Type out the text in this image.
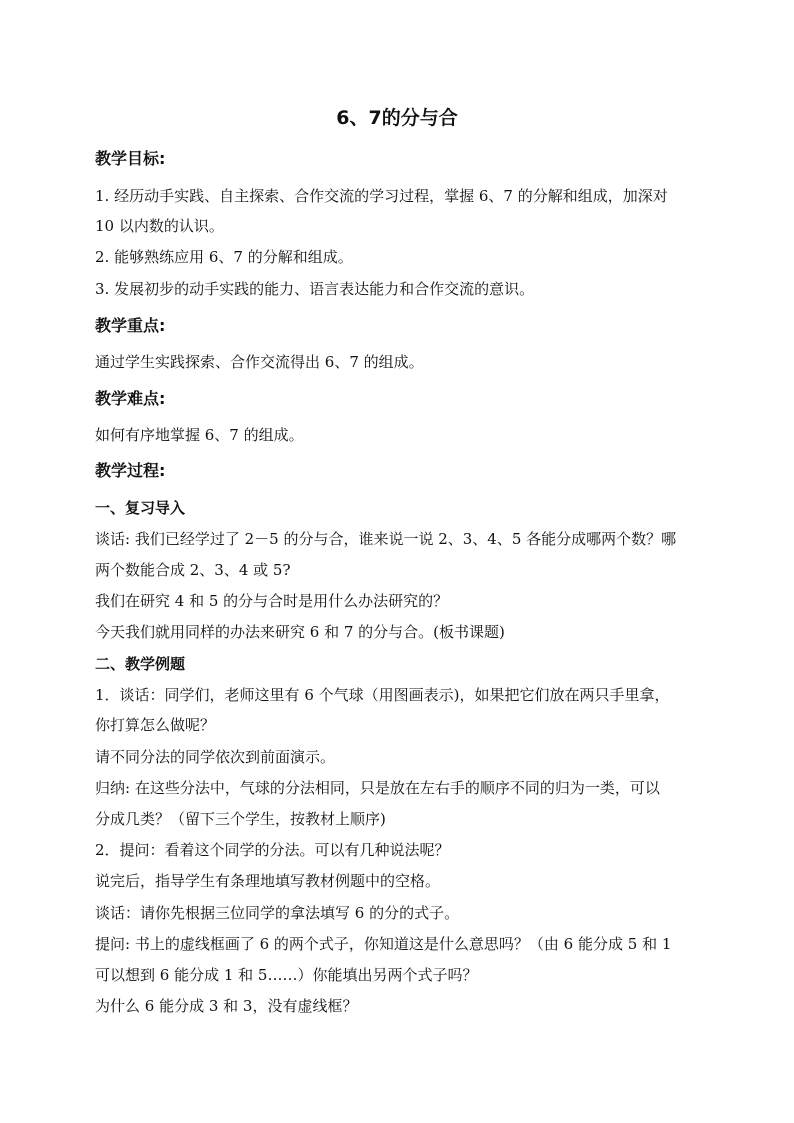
6、7的分与合
教学目标:
1. 经历动手实践、自主探索、合作交流的学习过程，掌握 6、7 的分解和组成，加深对
10 以内数的认识。
2. 能够熟练应用 6、7 的分解和组成。
3. 发展初步的动手实践的能力、语言表达能力和合作交流的意识。
教学重点:
通过学生实践探索、合作交流得出 6、7 的组成。
教学难点:
如何有序地掌握 6、7 的组成。
教学过程:
一、复习导入
谈话: 我们已经学过了 2－5 的分与合，谁来说一说 2、3、4、5 各能分成哪两个数？哪
两个数能合成 2、3、4 或 5?
我们在研究 4 和 5 的分与合时是用什么办法研究的？
今天我们就用同样的办法来研究 6 和 7 的分与合。(板书课题)
二、教学例题
1．谈话：同学们，老师这里有 6 个气球（用图画表示)，如果把它们放在两只手里拿，
你打算怎么做呢？
请不同分法的同学依次到前面演示。
归纳: 在这些分法中，气球的分法相同，只是放在左右手的顺序不同的归为一类，可以
分成几类？（留下三个学生，按教材上顺序)
2．提问：看着这个同学的分法。可以有几种说法呢？
说完后，指导学生有条理地填写教材例题中的空格。
谈话：请你先根据三位同学的拿法填写 6 的分的式子。
提问: 书上的虚线框画了 6 的两个式子，你知道这是什么意思吗？（由 6 能分成 5 和 1
可以想到 6 能分成 1 和 5……）你能填出另两个式子吗？
为什么 6 能分成 3 和 3，没有虚线框？
